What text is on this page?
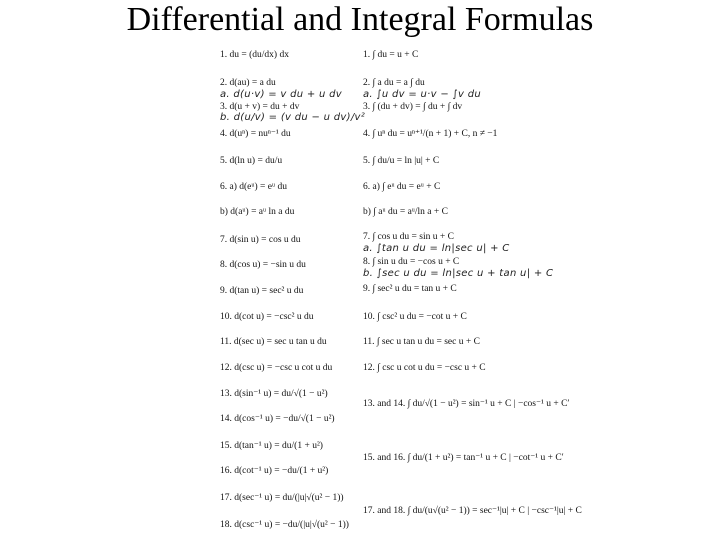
Differential and Integral Formulas
1. du = (du/dx) dx
2. d(au) = a du
a. d(u·v) = v du + u dv
3. d(u + v) = du + dv
b. d(u/v) = (v du − u dv)/v²
4. d(uⁿ) = nuⁿ⁻¹ du
5. d(ln u) = du/u
6. a) d(eᵘ) = eᵘ du
b) d(aᵘ) = aᵘ ln a du
7. d(sin u) = cos u du
8. d(cos u) = −sin u du
9. d(tan u) = sec² u du
10. d(cot u) = −csc² u du
11. d(sec u) = sec u tan u du
12. d(csc u) = −csc u cot u du
13. d(sin⁻¹ u) = du/√(1 − u²)
14. d(cos⁻¹ u) = −du/√(1 − u²)
15. d(tan⁻¹ u) = du/(1 + u²)
16. d(cot⁻¹ u) = −du/(1 + u²)
17. d(sec⁻¹ u) = du/(|u|√(u² − 1))
18. d(csc⁻¹ u) = −du/(|u|√(u² − 1))
1. ∫ du = u + C
2. ∫ a du = a ∫ du
a. ∫u dv = u·v − ∫v du
3. ∫ (du + dv) = ∫ du + ∫ dv
4. ∫ uⁿ du = uⁿ⁺¹/(n + 1) + C, n ≠ −1
5. ∫ du/u = ln |u| + C
6. a) ∫ eᵘ du = eᵘ + C
b) ∫ aᵘ du = aᵘ/ln a + C
7. ∫ cos u du = sin u + C
a. ∫tan u du = ln|sec u| + C
8. ∫ sin u du = −cos u + C
b. ∫sec u du = ln|sec u + tan u| + C
9. ∫ sec² u du = tan u + C
10. ∫ csc² u du = −cot u + C
11. ∫ sec u tan u du = sec u + C
12. ∫ csc u cot u du = −csc u + C
13. and 14. ∫ du/√(1 − u²) = sin⁻¹ u + C | −cos⁻¹ u + C′
15. and 16. ∫ du/(1 + u²) = tan⁻¹ u + C | −cot⁻¹ u + C′
17. and 18. ∫ du/(u√(u² − 1)) = sec⁻¹|u| + C | −csc⁻¹|u| + C
